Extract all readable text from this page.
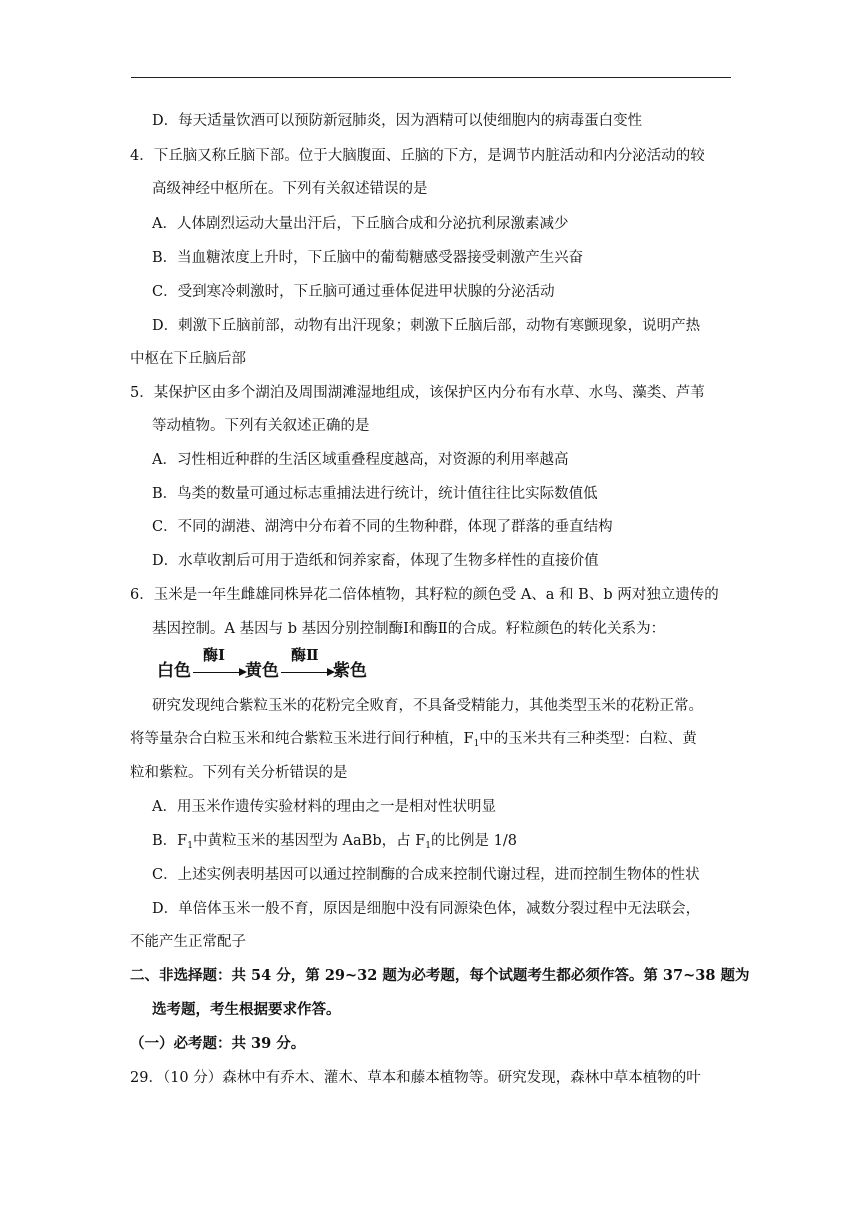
D．每天适量饮酒可以预防新冠肺炎，因为酒精可以使细胞内的病毒蛋白变性
4．下丘脑又称丘脑下部。位于大脑腹面、丘脑的下方，是调节内脏活动和内分泌活动的较
高级神经中枢所在。下列有关叙述错误的是
A．人体剧烈运动大量出汗后，下丘脑合成和分泌抗利尿激素减少
B．当血糖浓度上升时，下丘脑中的葡萄糖感受器接受刺激产生兴奋
C．受到寒冷刺激时，下丘脑可通过垂体促进甲状腺的分泌活动
D．刺激下丘脑前部，动物有出汗现象；刺激下丘脑后部，动物有寒颤现象，说明产热
中枢在下丘脑后部
5．某保护区由多个湖泊及周围湖滩湿地组成，该保护区内分布有水草、水鸟、藻类、芦苇
等动植物。下列有关叙述正确的是
A．习性相近种群的生活区域重叠程度越高，对资源的利用率越高
B．鸟类的数量可通过标志重捕法进行统计，统计值往往比实际数值低
C．不同的湖港、湖湾中分布着不同的生物种群，体现了群落的垂直结构
D．水草收割后可用于造纸和饲养家畜，体现了生物多样性的直接价值
6．玉米是一年生雌雄同株异花二倍体植物，其籽粒的颜色受 A、a 和 B、b 两对独立遗传的
基因控制。A 基因与 b 基因分别控制酶Ⅰ和酶Ⅱ的合成。籽粒颜色的转化关系为：
白色
酶Ⅰ
黄色
酶Ⅱ
紫色
研究发现纯合紫粒玉米的花粉完全败育，不具备受精能力，其他类型玉米的花粉正常。
将等量杂合白粒玉米和纯合紫粒玉米进行间行种植，$F_1$中的玉米共有三种类型：白粒、黄
粒和紫粒。下列有关分析错误的是
A．用玉米作遗传实验材料的理由之一是相对性状明显
B．$F_1$中黄粒玉米的基因型为 AaBb，占 $F_1$的比例是 1/8
C．上述实例表明基因可以通过控制酶的合成来控制代谢过程，进而控制生物体的性状
D．单倍体玉米一般不育，原因是细胞中没有同源染色体，减数分裂过程中无法联会，
不能产生正常配子
二、非选择题：共 54 分，第 29~32 题为必考题，每个试题考生都必须作答。第 37~38 题为
选考题，考生根据要求作答。
（一）必考题：共 39 分。
29．（10 分）森林中有乔木、灌木、草本和藤本植物等。研究发现，森林中草本植物的叶
